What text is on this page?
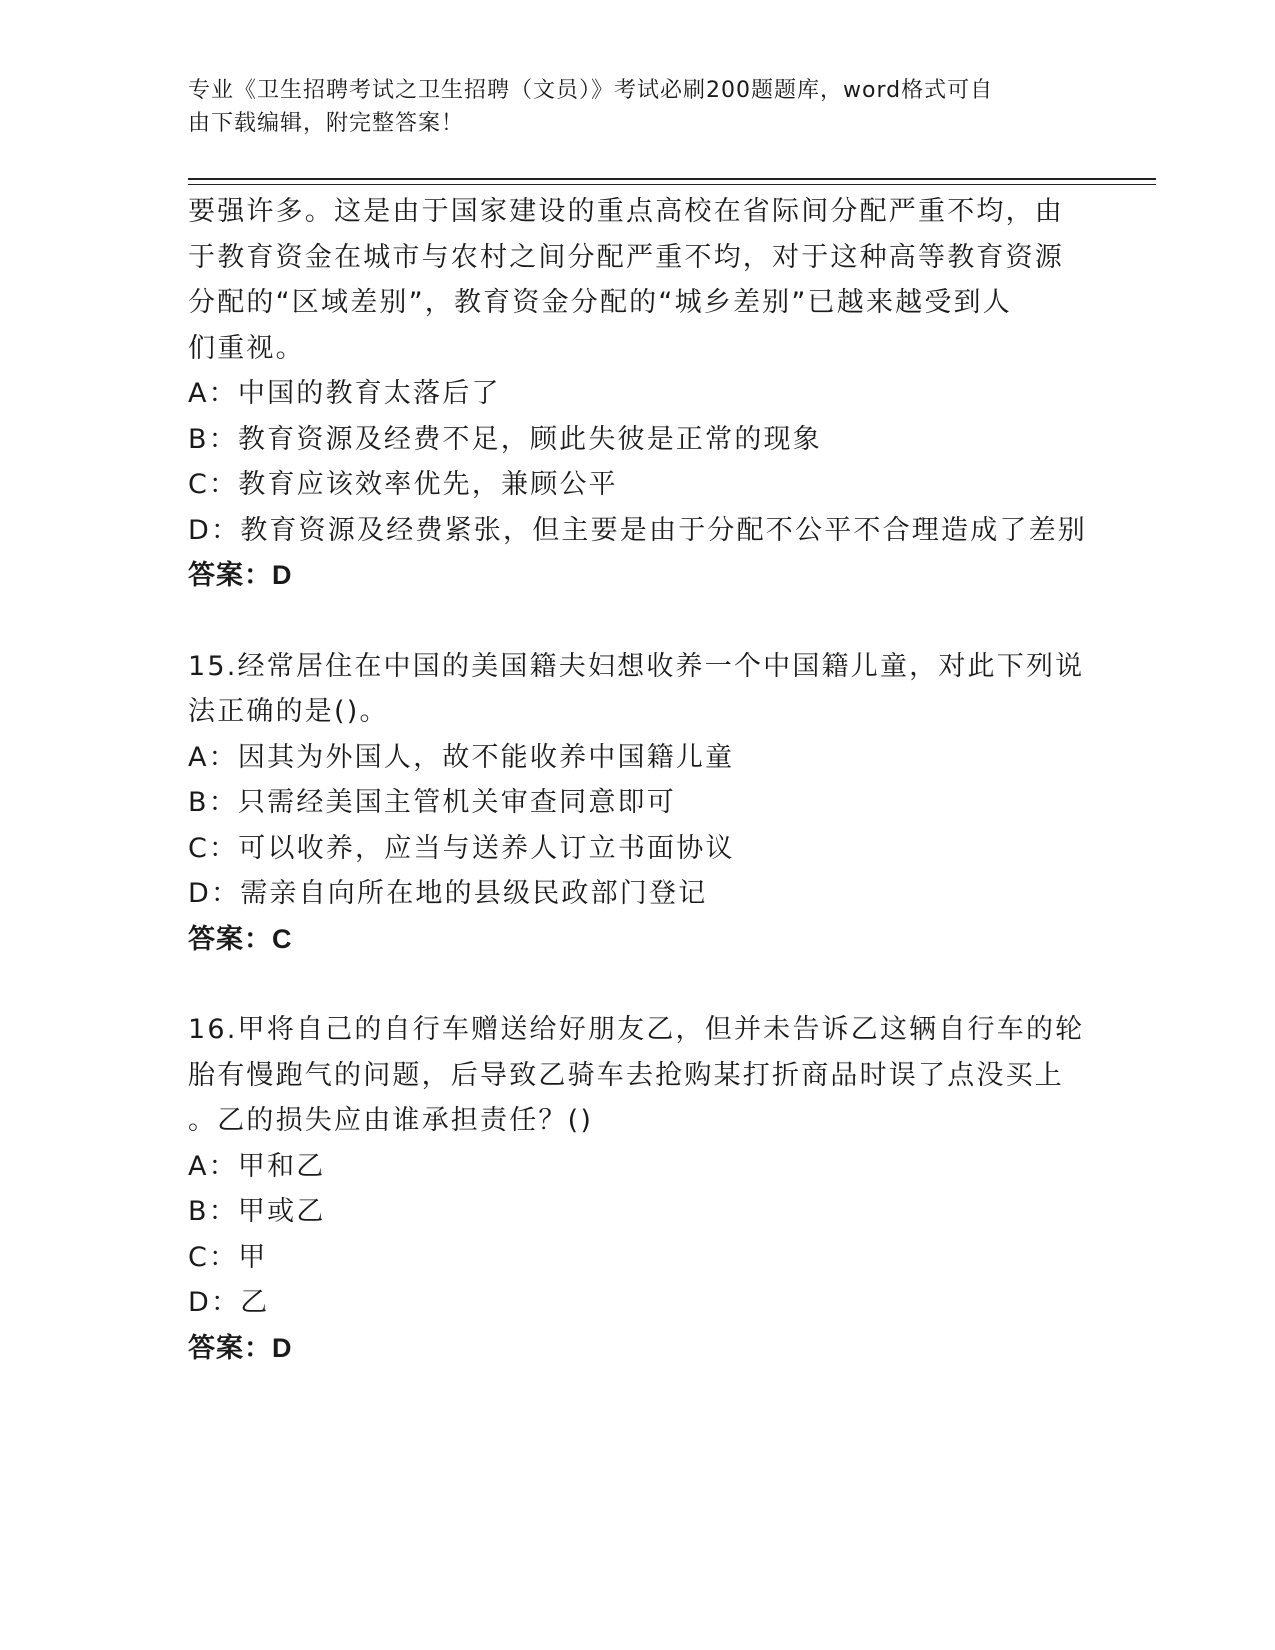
专业《卫生招聘考试之卫生招聘（文员）》考试必刷200题题库，word格式可自
由下载编辑，附完整答案！

要强许多。这是由于国家建设的重点高校在省际间分配严重不均，由

于教育资金在城市与农村之间分配严重不均，对于这种高等教育资源

分配的“区域差别”，教育资金分配的“城乡差别”已越来越受到人

们重视。

A：中国的教育太落后了

B：教育资源及经费不足，顾此失彼是正常的现象

C：教育应该效率优先，兼顾公平

D：教育资源及经费紧张，但主要是由于分配不公平不合理造成了差别

答案：D

15.经常居住在中国的美国籍夫妇想收养一个中国籍儿童，对此下列说

法正确的是()。

A：因其为外国人，故不能收养中国籍儿童

B：只需经美国主管机关审查同意即可

C：可以收养，应当与送养人订立书面协议

D：需亲自向所在地的县级民政部门登记

答案：C

16.甲将自己的自行车赠送给好朋友乙，但并未告诉乙这辆自行车的轮

胎有慢跑气的问题，后导致乙骑车去抢购某打折商品时误了点没买上

。乙的损失应由谁承担责任？()

A：甲和乙

B：甲或乙

C：甲

D：乙

答案：D
